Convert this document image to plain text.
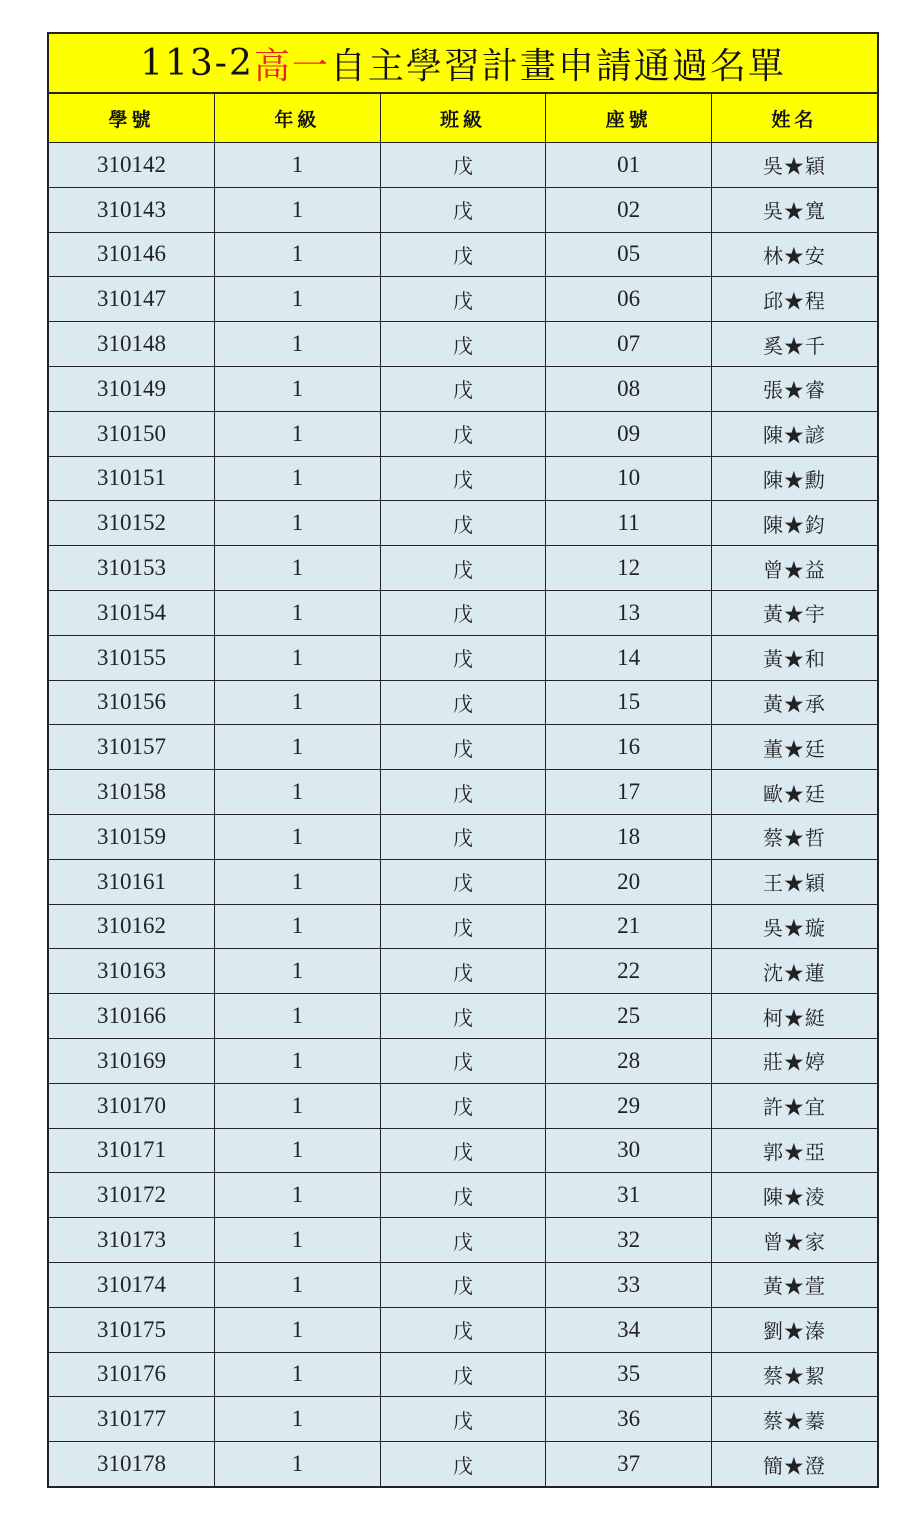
113-2 高一 自主學習計畫申請通過名單
學號	年級	班級	座號	姓名
310142	1	戊	01	吳★穎
310143	1	戊	02	吳★寬
310146	1	戊	05	林★安
310147	1	戊	06	邱★程
310148	1	戊	07	奚★千
310149	1	戊	08	張★睿
310150	1	戊	09	陳★諺
310151	1	戊	10	陳★勳
310152	1	戊	11	陳★鈞
310153	1	戊	12	曾★益
310154	1	戊	13	黃★宇
310155	1	戊	14	黃★和
310156	1	戊	15	黃★承
310157	1	戊	16	董★廷
310158	1	戊	17	歐★廷
310159	1	戊	18	蔡★哲
310161	1	戊	20	王★穎
310162	1	戊	21	吳★璇
310163	1	戊	22	沈★蓮
310166	1	戊	25	柯★綎
310169	1	戊	28	莊★婷
310170	1	戊	29	許★宜
310171	1	戊	30	郭★亞
310172	1	戊	31	陳★淩
310173	1	戊	32	曾★家
310174	1	戊	33	黃★萱
310175	1	戊	34	劉★溱
310176	1	戊	35	蔡★絜
310177	1	戊	36	蔡★蓁
310178	1	戊	37	簡★澄
